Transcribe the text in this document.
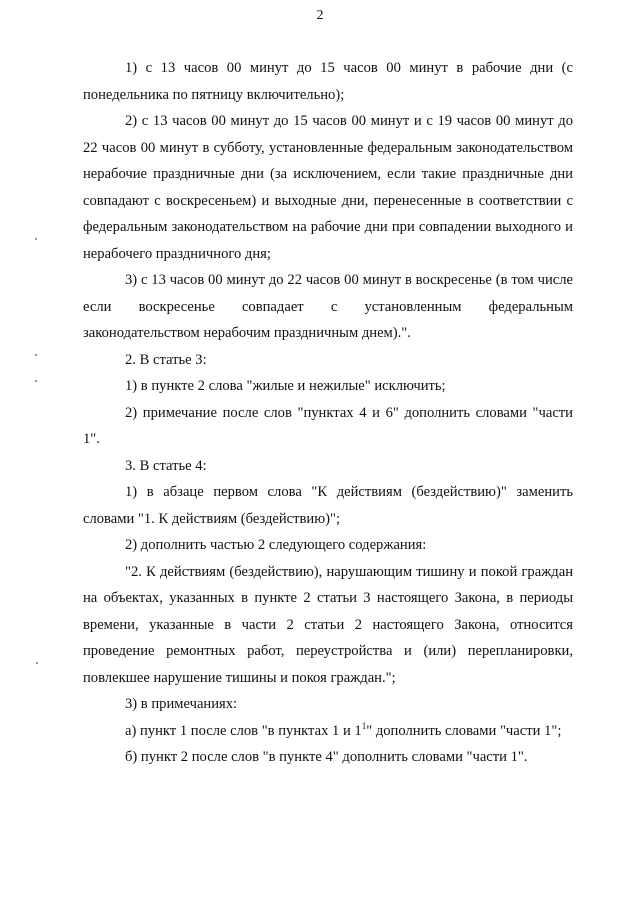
2

1) с 13 часов 00 минут до 15 часов 00 минут в рабочие дни (с понедельника по пятницу включительно);

2) с 13 часов 00 минут до 15 часов 00 минут и с 19 часов 00 минут до 22 часов 00 минут в субботу, установленные федеральным законодательством нерабочие праздничные дни (за исключением, если такие праздничные дни совпадают с воскресеньем) и выходные дни, перенесенные в соответствии с федеральным законодательством на рабочие дни при совпадении выходного и нерабочего праздничного дня;

3) с 13 часов 00 минут до 22 часов 00 минут в воскресенье (в том числе если воскресенье совпадает с установленным федеральным законодательством нерабочим праздничным днем).".

2. В статье 3:

1) в пункте 2 слова "жилые и нежилые" исключить;

2) примечание после слов "пунктах 4 и 6" дополнить словами "части 1".

3. В статье 4:

1) в абзаце первом слова "К действиям (бездействию)" заменить словами "1. К действиям (бездействию)";

2) дополнить частью 2 следующего содержания:

"2. К действиям (бездействию), нарушающим тишину и покой граждан на объектах, указанных в пункте 2 статьи 3 настоящего Закона, в периоды времени, указанные в части 2 статьи 2 настоящего Закона, относится проведение ремонтных работ, переустройства и (или) перепланировки, повлекшее нарушение тишины и покоя граждан.";

3) в примечаниях:

а) пункт 1 после слов "в пунктах 1 и $1^1$" дополнить словами "части 1";

б) пункт 2 после слов "в пункте 4" дополнить словами "части 1".
